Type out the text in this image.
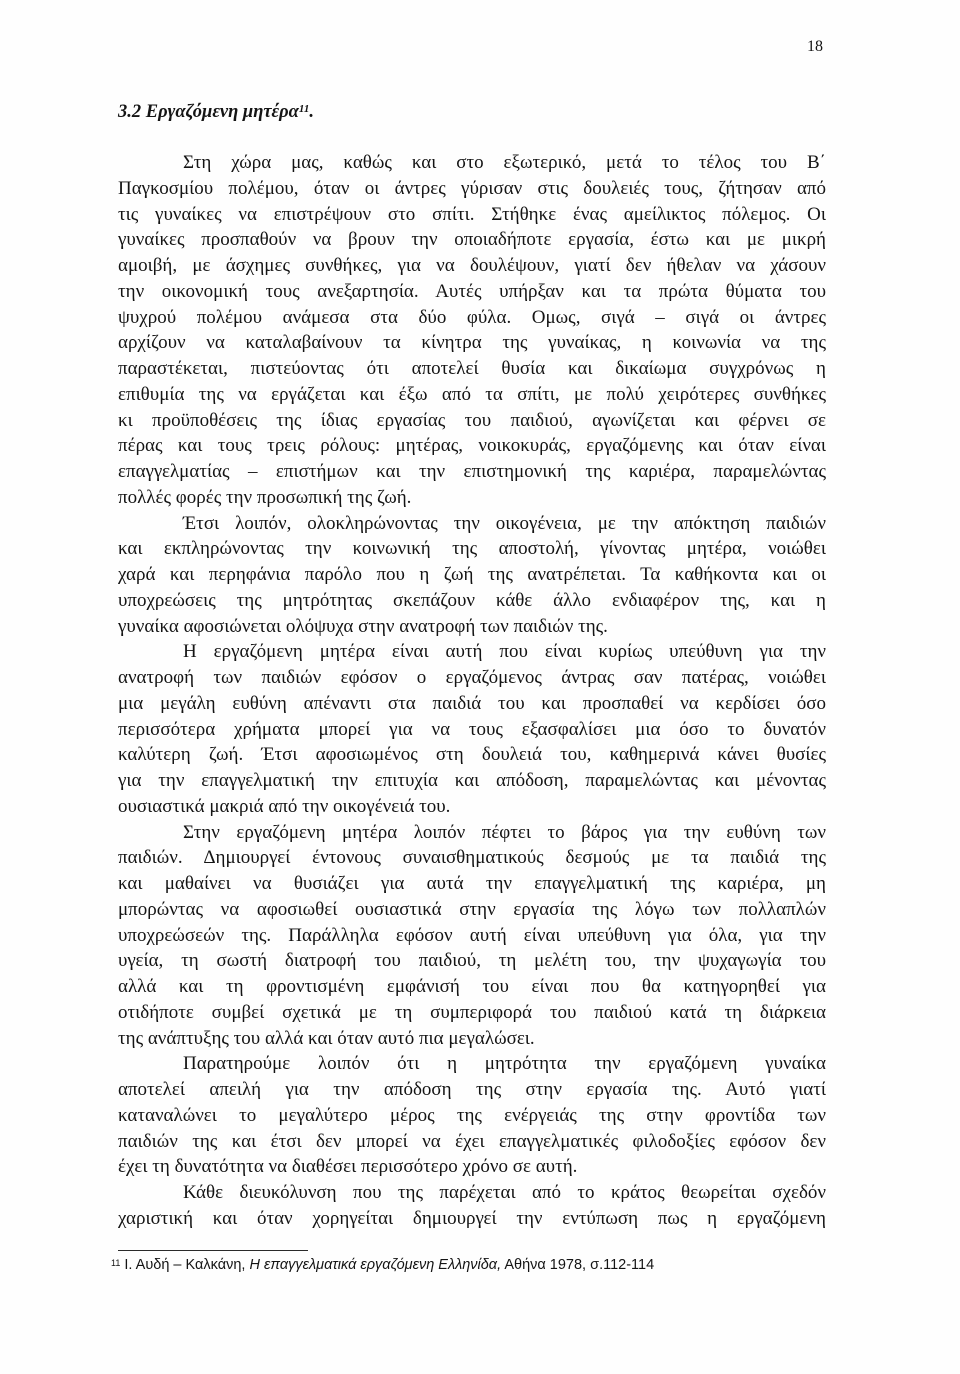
18
3.2 Εργαζόμενη μητέρα$^{11}$.
Στη χώρα μας, καθώς και στο εξωτερικό, μετά το τέλος του Β΄
Παγκοσμίου πολέμου, όταν οι άντρες γύρισαν στις δουλειές τους, ζήτησαν από
τις γυναίκες να επιστρέψουν στο σπίτι. Στήθηκε ένας αμείλικτος πόλεμος. Οι
γυναίκες προσπαθούν να βρουν την οποιαδήποτε εργασία, έστω και με μικρή
αμοιβή, με άσχημες συνθήκες, για να δουλέψουν, γιατί δεν ήθελαν να χάσουν
την οικονομική τους ανεξαρτησία. Αυτές υπήρξαν και τα πρώτα θύματα του
ψυχρού πολέμου ανάμεσα στα δύο φύλα. Ομως, σιγά – σιγά οι άντρες
αρχίζουν να καταλαβαίνουν τα κίνητρα της γυναίκας, η κοινωνία να της
παραστέκεται, πιστεύοντας ότι αποτελεί θυσία και δικαίωμα συγχρόνως η
επιθυμία της να εργάζεται και έξω από τα σπίτι, με πολύ χειρότερες συνθήκες
κι προϋποθέσεις της ίδιας εργασίας του παιδιού, αγωνίζεται και φέρνει σε
πέρας και τους τρεις ρόλους: μητέρας, νοικοκυράς, εργαζόμενης και όταν είναι
επαγγελματίας – επιστήμων και την επιστημονική της καριέρα, παραμελώντας
πολλές φορές την προσωπική της ζωή.
Έτσι λοιπόν, ολοκληρώνοντας την οικογένεια, με την απόκτηση παιδιών
και εκπληρώνοντας την κοινωνική της αποστολή, γίνοντας μητέρα, νοιώθει
χαρά και περηφάνια παρόλο που η ζωή της ανατρέπεται. Τα καθήκοντα και οι
υποχρεώσεις της μητρότητας σκεπάζουν κάθε άλλο ενδιαφέρον της, και η
γυναίκα αφοσιώνεται ολόψυχα στην ανατροφή των παιδιών της.
Η εργαζόμενη μητέρα είναι αυτή που είναι κυρίως υπεύθυνη για την
ανατροφή των παιδιών εφόσον ο εργαζόμενος άντρας σαν πατέρας, νοιώθει
μια μεγάλη ευθύνη απέναντι στα παιδιά του και προσπαθεί να κερδίσει όσο
περισσότερα χρήματα μπορεί για να τους εξασφαλίσει μια όσο το δυνατόν
καλύτερη ζωή. Έτσι αφοσιωμένος στη δουλειά του, καθημερινά κάνει θυσίες
για την επαγγελματική την επιτυχία και απόδοση, παραμελώντας και μένοντας
ουσιαστικά μακριά από την οικογένειά του.
Στην εργαζόμενη μητέρα λοιπόν πέφτει το βάρος για την ευθύνη των
παιδιών. Δημιουργεί έντονους συναισθηματικούς δεσμούς με τα παιδιά της
και μαθαίνει να θυσιάζει για αυτά την επαγγελματική της καριέρα, μη
μπορώντας να αφοσιωθεί ουσιαστικά στην εργασία της λόγω των πολλαπλών
υποχρεώσεών της. Παράλληλα εφόσον αυτή είναι υπεύθυνη για όλα, για την
υγεία, τη σωστή διατροφή του παιδιού, τη μελέτη του, την ψυχαγωγία του
αλλά και τη φροντισμένη εμφάνισή του είναι που θα κατηγορηθεί για
οτιδήποτε συμβεί σχετικά με τη συμπεριφορά του παιδιού κατά τη διάρκεια
της ανάπτυξης του αλλά και όταν αυτό πια μεγαλώσει.
Παρατηρούμε λοιπόν ότι η μητρότητα την εργαζόμενη γυναίκα
αποτελεί απειλή για την απόδοση της στην εργασία της. Αυτό γιατί
καταναλώνει το μεγαλύτερο μέρος της ενέργειάς της στην φροντίδα των
παιδιών της και έτσι δεν μπορεί να έχει επαγγελματικές φιλοδοξίες εφόσον δεν
έχει τη δυνατότητα να διαθέσει περισσότερο χρόνο σε αυτή.
Κάθε διευκόλυνση που της παρέχεται από το κράτος θεωρείται σχεδόν
χαριστική και όταν χορηγείται δημιουργεί την εντύπωση πως η εργαζόμενη
$^{11}$ Ι. Αυδή – Καλκάνη, Η επαγγελματικά εργαζόμενη Ελληνίδα, Αθήνα 1978, σ.112-114
